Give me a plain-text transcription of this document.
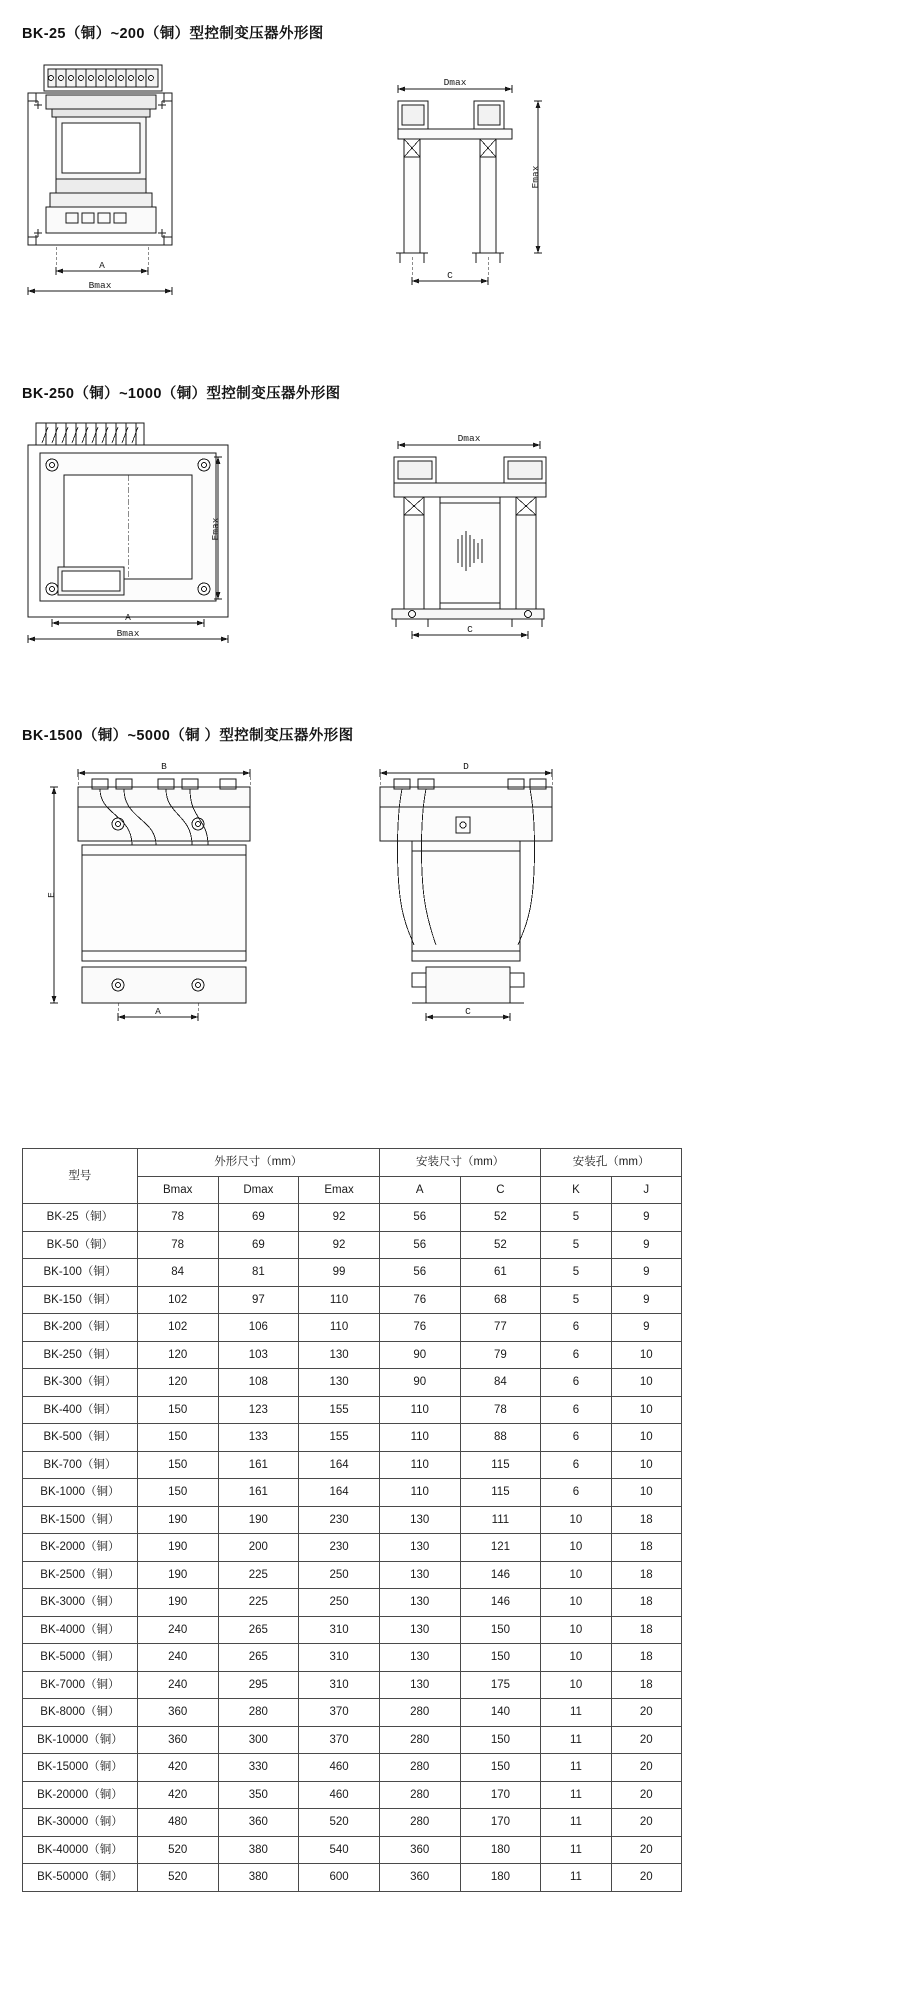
BK-25（铜）~200（铜）型控制变压器外形图
A
Bmax
Dmax
C
Emax
BK-250（铜）~1000（铜）型控制变压器外形图
Emax
A
Bmax
Dmax
C
BK-1500（铜）~5000（铜 ）型控制变压器外形图
B
E
A
D
C
型号	外形尺寸（mm）			安装尺寸（mm）		安装孔（mm）	
	Bmax	Dmax	Emax	A	C	K	J
BK-25（铜）	78	69	92	56	52	5	9
BK-50（铜）	78	69	92	56	52	5	9
BK-100（铜）	84	81	99	56	61	5	9
BK-150（铜）	102	97	110	76	68	5	9
BK-200（铜）	102	106	110	76	77	6	9
BK-250（铜）	120	103	130	90	79	6	10
BK-300（铜）	120	108	130	90	84	6	10
BK-400（铜）	150	123	155	110	78	6	10
BK-500（铜）	150	133	155	110	88	6	10
BK-700（铜）	150	161	164	110	115	6	10
BK-1000（铜）	150	161	164	110	115	6	10
BK-1500（铜）	190	190	230	130	111	10	18
BK-2000（铜）	190	200	230	130	121	10	18
BK-2500（铜）	190	225	250	130	146	10	18
BK-3000（铜）	190	225	250	130	146	10	18
BK-4000（铜）	240	265	310	130	150	10	18
BK-5000（铜）	240	265	310	130	150	10	18
BK-7000（铜）	240	295	310	130	175	10	18
BK-8000（铜）	360	280	370	280	140	11	20
BK-10000（铜）	360	300	370	280	150	11	20
BK-15000（铜）	420	330	460	280	150	11	20
BK-20000（铜）	420	350	460	280	170	11	20
BK-30000（铜）	480	360	520	280	170	11	20
BK-40000（铜）	520	380	540	360	180	11	20
BK-50000（铜）	520	380	600	360	180	11	20
